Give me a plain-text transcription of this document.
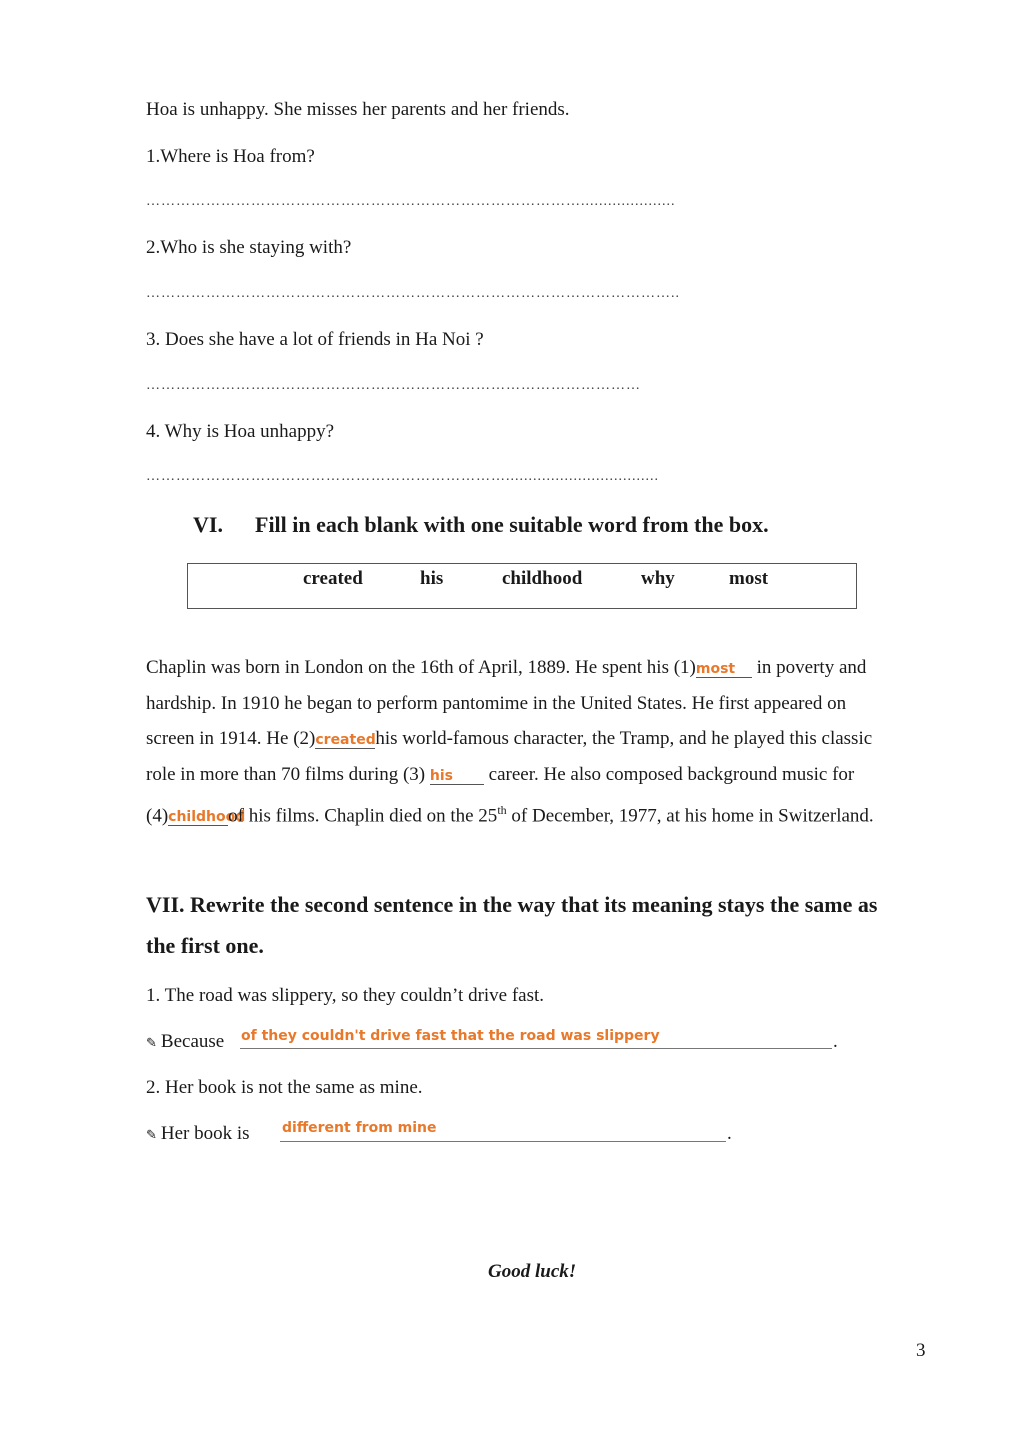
Hoa is unhappy. She misses her parents and her friends.
1.Where is Hoa from?
…………………………………………………………………………….....................
2.Who is she staying with?
……………………………………………………………………………………………..
3. Does she have a lot of friends in Ha Noi ?
………………………………………………………………………………………
4. Why is Hoa unhappy?
………………………………………………………………..................................
VI. Fill in each blank with one suitable word from the box.
created	his	childhood	why	most

Chaplin was born in London on the 16th of April, 1889. He spent his (1)most in poverty and

hardship. In 1910 he began to perform pantomime in the United States. He first appeared on

screen in 1914. He (2)createdhis world-famous character, the Tramp, and he played this classic

role in more than 70 films during (3) his career. He also composed background music for

(4)childhoodof his films. Chaplin died on the 25th of December, 1977, at his home in Switzerland.

VII. Rewrite the second sentence in the way that its meaning stays the same as
the first one.
1. The road was slippery, so they couldn’t drive fast.
✎ Because of they couldn't drive fast that the road was slippery	.
2. Her book is not the same as mine.
✎ Her book is different from mine	.
Good luck!
3
